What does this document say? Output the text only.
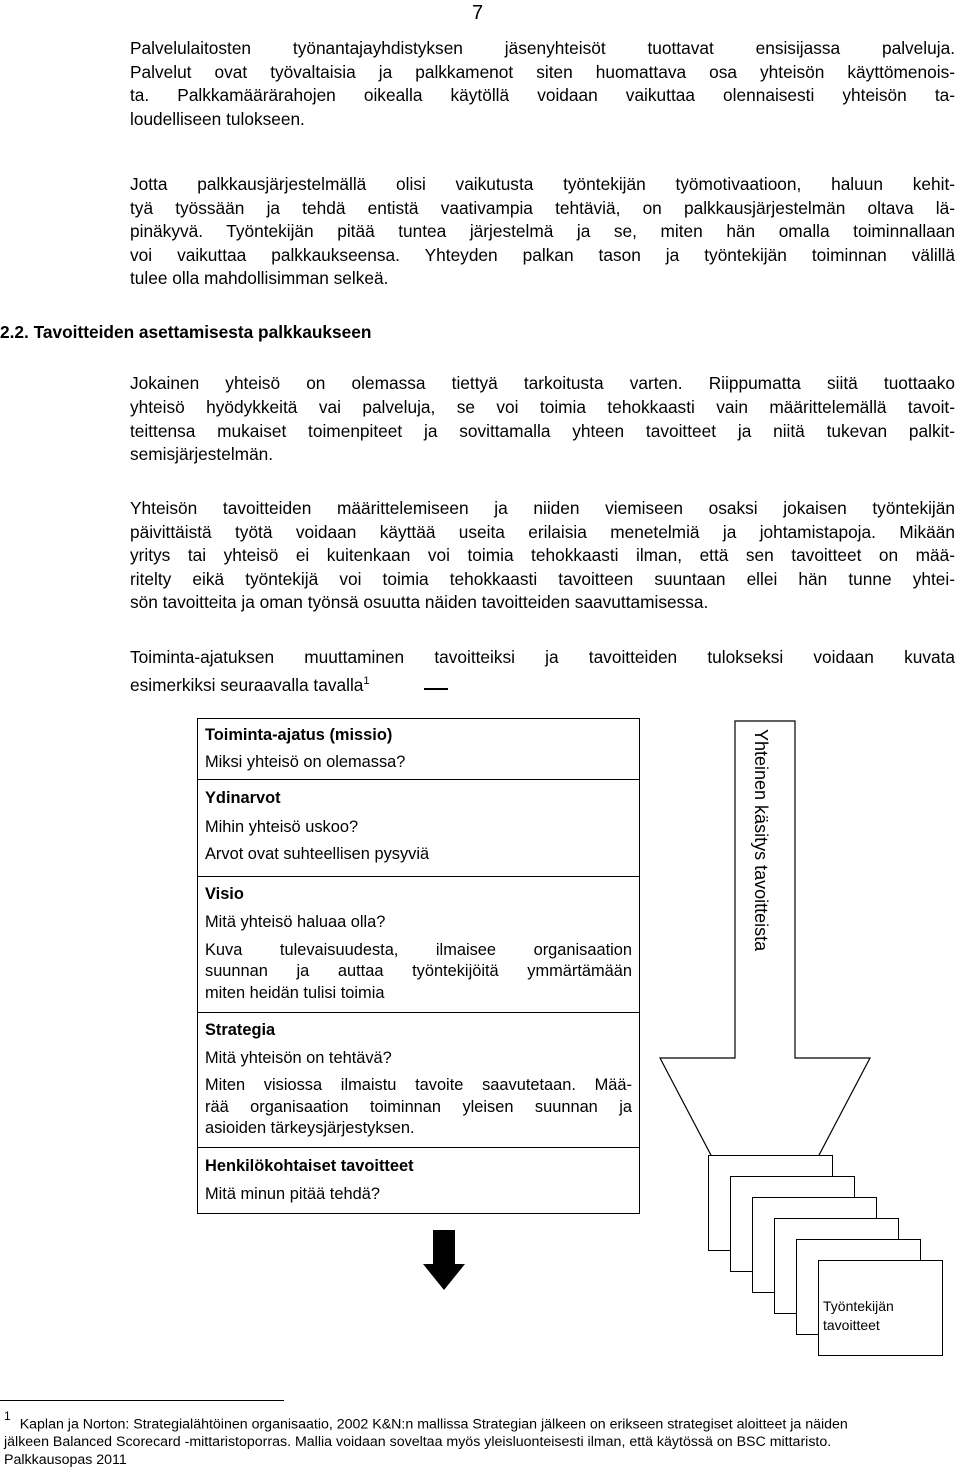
7
Palvelulaitosten työnantajayhdistyksen jäsenyhteisöt tuottavat ensisijassa palveluja.
Palvelut ovat työvaltaisia ja palkkamenot siten huomattava osa yhteisön käyttömenois-
ta. Palkkamäärärahojen oikealla käytöllä voidaan vaikuttaa olennaisesti yhteisön ta-
loudelliseen tulokseen.
Jotta palkkausjärjestelmällä olisi vaikutusta työntekijän työmotivaatioon, haluun kehit-
tyä työssään ja tehdä entistä vaativampia tehtäviä, on palkkausjärjestelmän oltava lä-
pinäkyvä. Työntekijän pitää tuntea järjestelmä ja se, miten hän omalla toiminnallaan
voi vaikuttaa palkkaukseensa. Yhteyden palkan tason ja työntekijän toiminnan välillä
tulee olla mahdollisimman selkeä.
2.2. Tavoitteiden asettamisesta palkkaukseen
Jokainen yhteisö on olemassa tiettyä tarkoitusta varten. Riippumatta siitä tuottaako
yhteisö hyödykkeitä vai palveluja, se voi toimia tehokkaasti vain määrittelemällä tavoit-
teittensa mukaiset toimenpiteet ja sovittamalla yhteen tavoitteet ja niitä tukevan palkit-
semisjärjestelmän.
Yhteisön tavoitteiden määrittelemiseen ja niiden viemiseen osaksi jokaisen työntekijän
päivittäistä työtä voidaan käyttää useita erilaisia menetelmiä ja johtamistapoja. Mikään
yritys tai yhteisö ei kuitenkaan voi toimia tehokkaasti ilman, että sen tavoitteet on mää-
ritelty eikä työntekijä voi toimia tehokkaasti tavoitteen suuntaan ellei hän tunne yhtei-
sön tavoitteita ja oman työnsä osuutta näiden tavoitteiden saavuttamisessa.
Toiminta-ajatuksen muuttaminen tavoitteiksi ja tavoitteiden tulokseksi voidaan kuvata
esimerkiksi seuraavalla tavalla$^1$
Työntekijän
tavoitteet
Yhteinen käsitys tavoitteista
Toiminta-ajatus (missio)
Miksi yhteisö on olemassa?
Ydinarvot
Mihin yhteisö uskoo?
Arvot ovat suhteellisen pysyviä
Visio
Mitä yhteisö haluaa olla?
Kuva tulevaisuudesta, ilmaisee organisaation
suunnan ja auttaa työntekijöitä ymmärtämään
miten heidän tulisi toimia
Strategia
Mitä yhteisön on tehtävä?
Miten visiossa ilmaistu tavoite saavutetaan. Mää-
rää organisaation toiminnan yleisen suunnan ja
asioiden tärkeysjärjestyksen.
Henkilökohtaiset tavoitteet
Mitä minun pitää tehdä?
$^1$Kaplan ja Norton: Strategialähtöinen organisaatio, 2002 K&N:n mallissa Strategian jälkeen on erikseen strategiset aloitteet ja näiden
jälkeen Balanced Scorecard -mittaristoporras. Mallia voidaan soveltaa myös yleisluonteisesti ilman, että käytössä on BSC mittaristo.
Palkkausopas 2011
